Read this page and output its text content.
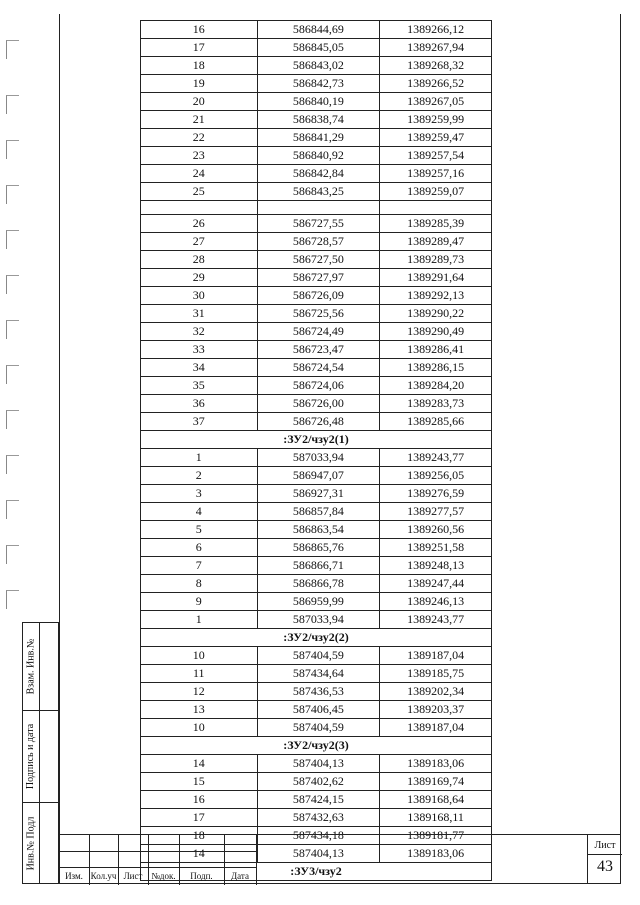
16	586844,69	1389266,12
17	586845,05	1389267,94
18	586843,02	1389268,32
19	586842,73	1389266,52
20	586840,19	1389267,05
21	586838,74	1389259,99
22	586841,29	1389259,47
23	586840,92	1389257,54
24	586842,84	1389257,16
25	586843,25	1389259,07

26	586727,55	1389285,39
27	586728,57	1389289,47
28	586727,50	1389289,73
29	586727,97	1389291,64
30	586726,09	1389292,13
31	586725,56	1389290,22
32	586724,49	1389290,49
33	586723,47	1389286,41
34	586724,54	1389286,15
35	586724,06	1389284,20
36	586726,00	1389283,73
37	586726,48	1389285,66
:ЗУ2/чзу2(1)		
1	587033,94	1389243,77
2	586947,07	1389256,05
3	586927,31	1389276,59
4	586857,84	1389277,57
5	586863,54	1389260,56
6	586865,76	1389251,58
7	586866,71	1389248,13
8	586866,78	1389247,44
9	586959,99	1389246,13
1	587033,94	1389243,77
:ЗУ2/чзу2(2)		
10	587404,59	1389187,04
11	587434,64	1389185,75
12	587436,53	1389202,34
13	587406,45	1389203,37
10	587404,59	1389187,04
:ЗУ2/чзу2(3)		
14	587404,13	1389183,06
15	587402,62	1389169,74
16	587424,15	1389168,64
17	587432,63	1389168,11
18	587434,18	1389181,77
14	587404,13	1389183,06
:ЗУ3/чзу2		
Взам. Инв.№
Подпись и дата
Инв.№ Подл
Изм. Кол.уч Лист №док.	Подп.	Дата
Лист
43
